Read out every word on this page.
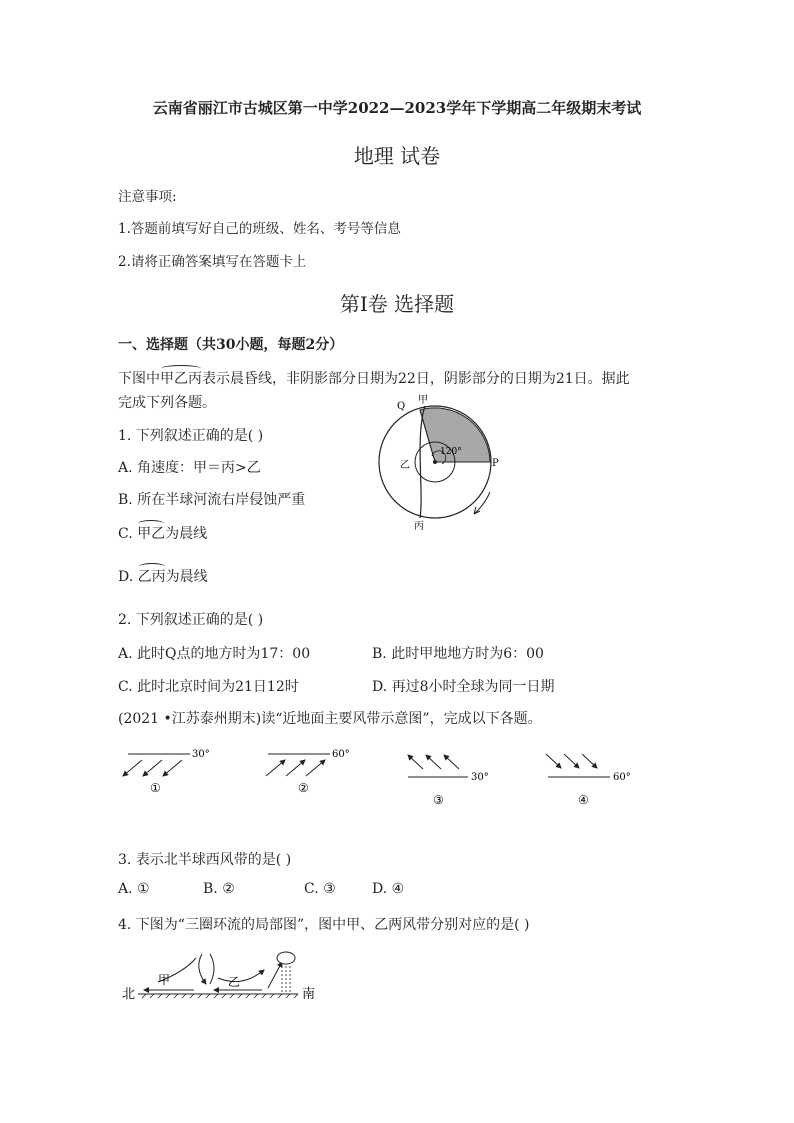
云南省丽江市古城区第一中学2022—2023学年下学期高二年级期末考试
地理 试卷
注意事项:
1.答题前填写好自己的班级、姓名、考号等信息
2.请将正确答案填写在答题卡上
第Ⅰ卷 选择题
一、选择题（共30小题，每题2分）
下图中甲乙丙表示晨昏线，非阴影部分日期为22日，阴影部分的日期为21日。据此
完成下列各题。	Q
甲
120°
乙	P
丙
1. 下列叙述正确的是( )
A. 角速度：甲＝丙>乙
B. 所在半球河流右岸侵蚀严重
C. 甲乙为晨线
D. 乙丙为晨线
2. 下列叙述正确的是( )
A. 此时Q点的地方时为17：00	B. 此时甲地地方时为6：00
C. 此时北京时间为21日12时	D. 再过8小时全球为同一日期
(2021 •江苏泰州期末)读“近地面主要风带示意图”，完成以下各题。
30°
①
60°
②
30°
③
60°
④
3. 表示北半球西风带的是( )
A. ①	B. ②	C. ③	D. ④
4. 下图为“三圈环流的局部图”，图中甲、乙两风带分别对应的是( )
北	南
甲	乙
